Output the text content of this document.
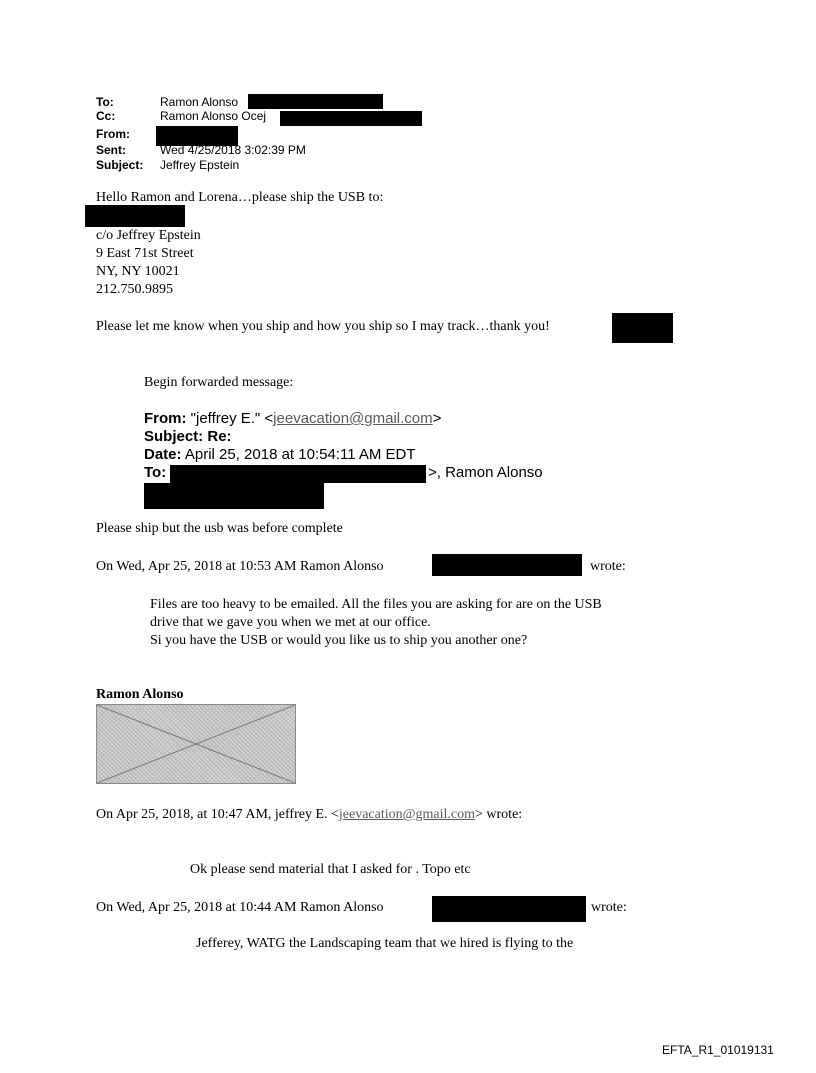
To:	Ramon Alonso
Cc:	Ramon Alonso Ocej
From:
Sent:	Wed 4/25/2018 3:02:39 PM
Subject: Jeffrey Epstein
Hello Ramon and Lorena…please ship the USB to:
c/o Jeffrey Epstein
9 East 71st Street
NY, NY 10021
212.750.9895
Please let me know when you ship and how you ship so I may track…thank you!
Begin forwarded message:
From: "jeffrey E." <jeevacation@gmail.com>
Subject: Re:
Date: April 25, 2018 at 10:54:11 AM EDT
To:	>, Ramon Alonso
Please ship but the usb was before complete
On Wed, Apr 25, 2018 at 10:53 AM Ramon Alonso	wrote:
Files are too heavy to be emailed. All the files you are asking for are on the USB
drive that we gave you when we met at our office.
Si you have the USB or would you like us to ship you another one?
Ramon Alonso
On Apr 25, 2018, at 10:47 AM, jeffrey E. <jeevacation@gmail.com> wrote:
Ok please send material that I asked for . Topo etc
On Wed, Apr 25, 2018 at 10:44 AM Ramon Alonso	wrote:
Jefferey, WATG the Landscaping team that we hired is flying to the
EFTA_R1_01019131
